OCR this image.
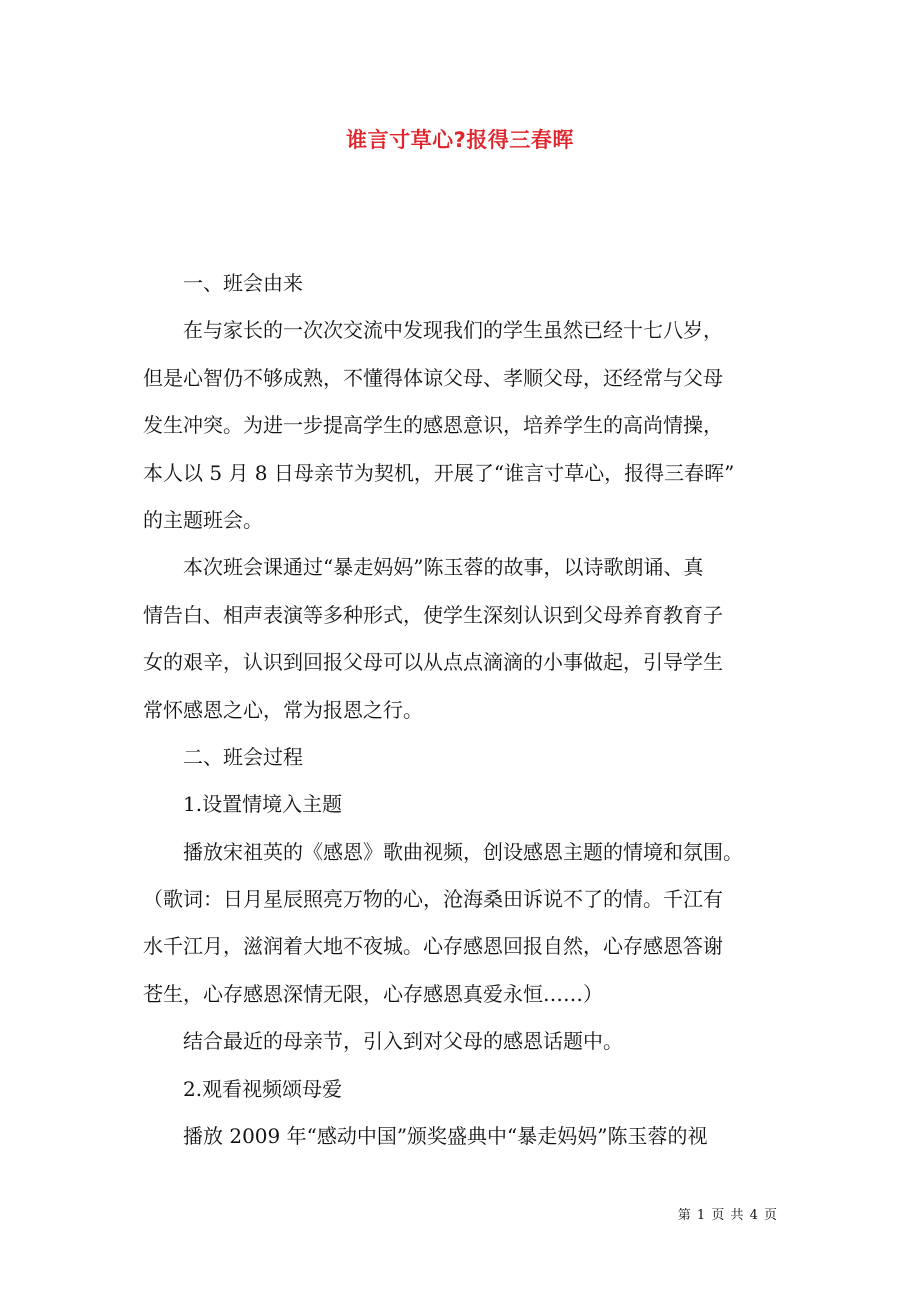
谁言寸草心?报得三春晖
一、班会由来
在与家长的一次次交流中发现我们的学生虽然已经十七八岁，
但是心智仍不够成熟，不懂得体谅父母、孝顺父母，还经常与父母
发生冲突。为进一步提高学生的感恩意识，培养学生的高尚情操，
本人以 5 月 8 日母亲节为契机，开展了“谁言寸草心，报得三春晖”
的主题班会。
本次班会课通过“暴走妈妈”陈玉蓉的故事，以诗歌朗诵、真
情告白、相声表演等多种形式，使学生深刻认识到父母养育教育子
女的艰辛，认识到回报父母可以从点点滴滴的小事做起，引导学生
常怀感恩之心，常为报恩之行。
二、班会过程
1.设置情境入主题
播放宋祖英的《感恩》歌曲视频，创设感恩主题的情境和氛围。
（歌词：日月星辰照亮万物的心，沧海桑田诉说不了的情。千江有
水千江月，滋润着大地不夜城。心存感恩回报自然，心存感恩答谢
苍生，心存感恩深情无限，心存感恩真爱永恒……）
结合最近的母亲节，引入到对父母的感恩话题中。
2.观看视频颂母爱
播放 2009 年“感动中国”颁奖盛典中“暴走妈妈”陈玉蓉的视
第 1 页 共 4 页
